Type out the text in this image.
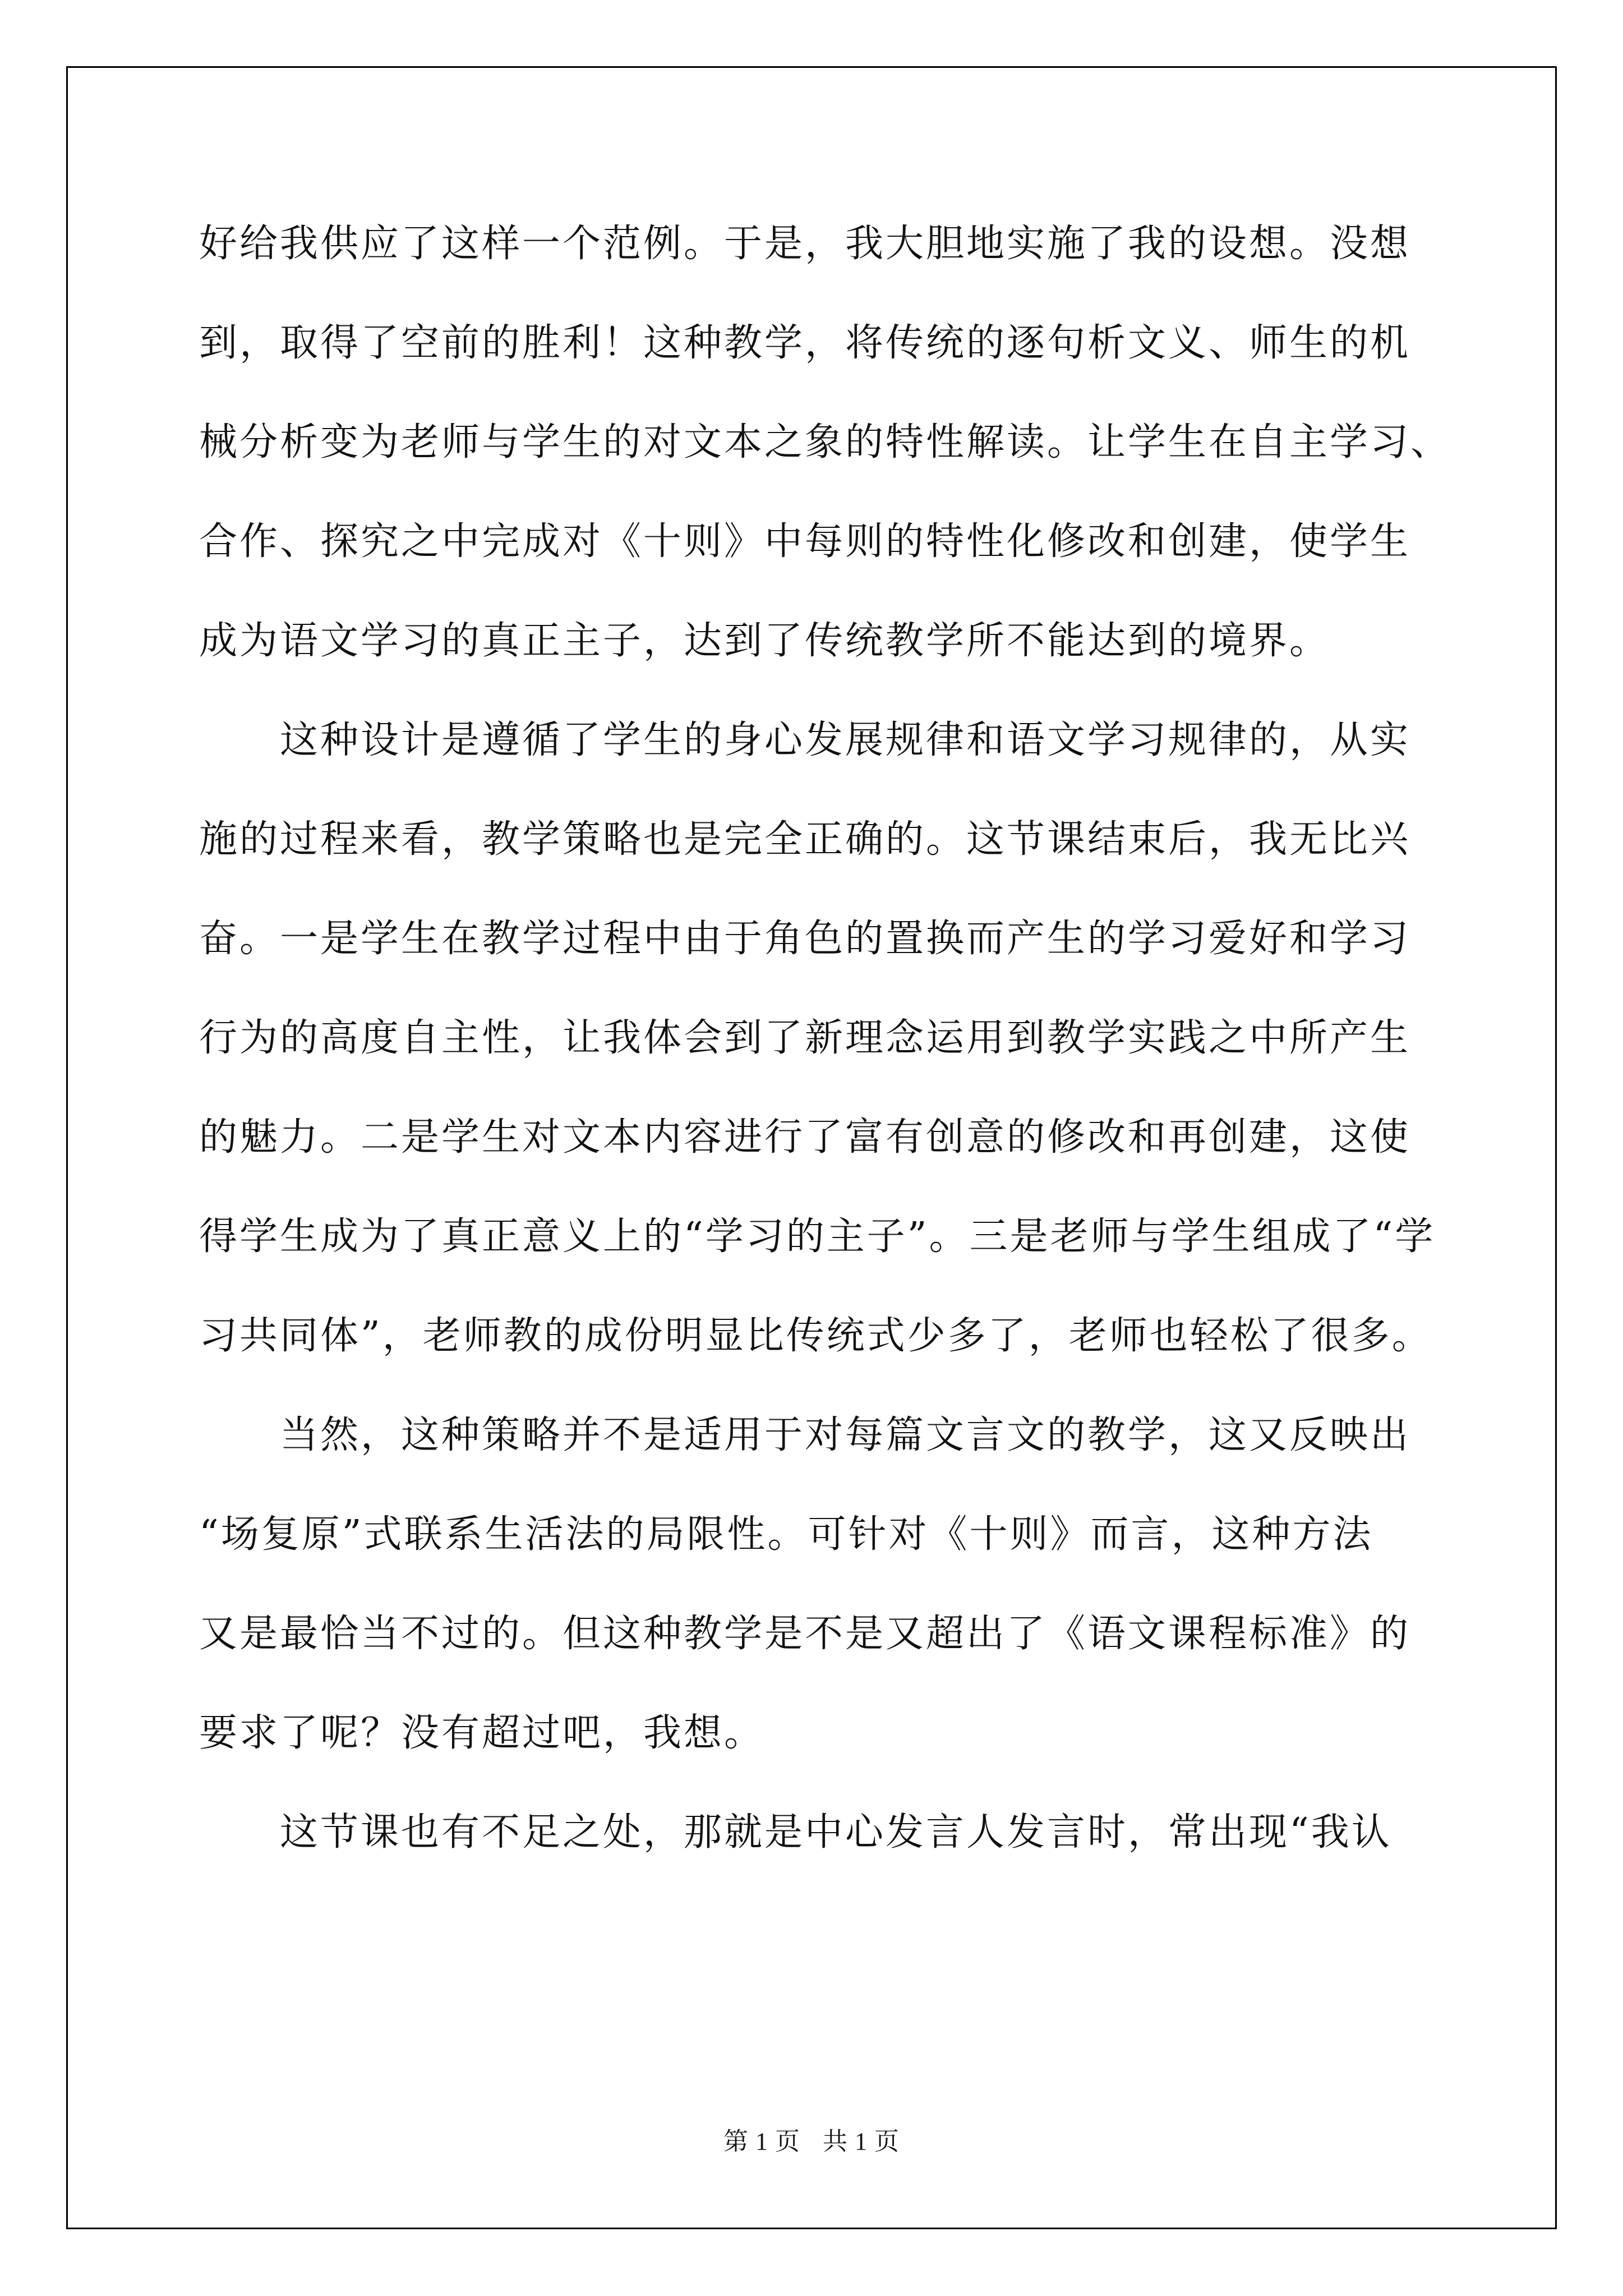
好给我供应了这样一个范例。于是，我大胆地实施了我的设想。没想
到，取得了空前的胜利！这种教学，将传统的逐句析文义、师生的机
械分析变为老师与学生的对文本之象的特性解读。让学生在自主学习、
合作、探究之中完成对《十则》中每则的特性化修改和创建，使学生
成为语文学习的真正主子，达到了传统教学所不能达到的境界。
　　这种设计是遵循了学生的身心发展规律和语文学习规律的，从实
施的过程来看，教学策略也是完全正确的。这节课结束后，我无比兴
奋。一是学生在教学过程中由于角色的置换而产生的学习爱好和学习
行为的高度自主性，让我体会到了新理念运用到教学实践之中所产生
的魅力。二是学生对文本内容进行了富有创意的修改和再创建，这使
得学生成为了真正意义上的“学习的主子”。三是老师与学生组成了“学
习共同体”，老师教的成份明显比传统式少多了，老师也轻松了很多。
　　当然，这种策略并不是适用于对每篇文言文的教学，这又反映出
“场复原”式联系生活法的局限性。可针对《十则》而言，这种方法
又是最恰当不过的。但这种教学是不是又超出了《语文课程标准》的
要求了呢？没有超过吧，我想。
　　这节课也有不足之处，那就是中心发言人发言时，常出现“我认
第 1 页 共 1 页
